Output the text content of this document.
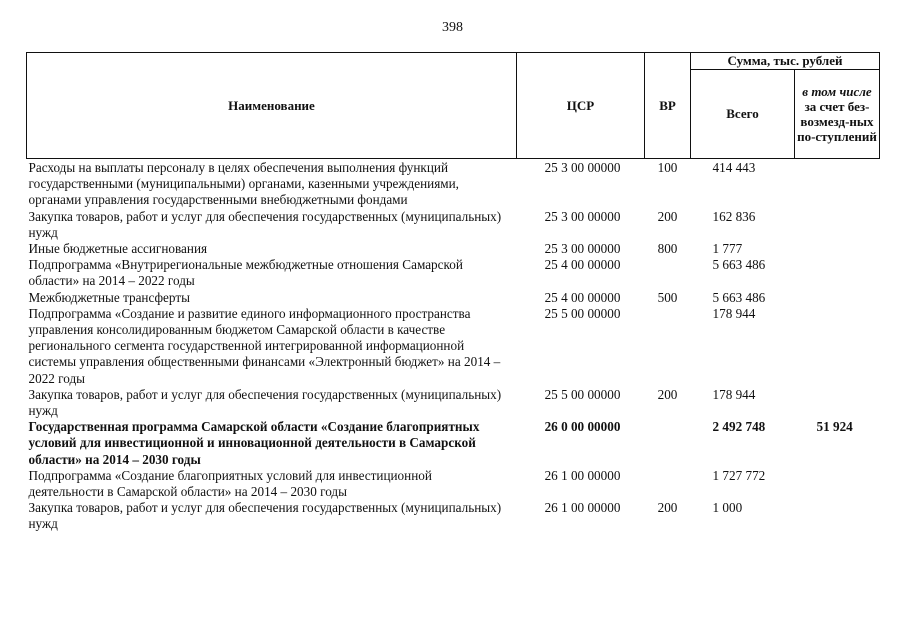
398
Наименование	ЦСР	ВР	Сумма, тыс. рублей	
			Всего	в том числе
за счет без-возмезд-ных по-ступлений
Расходы на выплаты персоналу в целях обеспечения выполнения функций государственными (муниципальными) органами, казенными учреждениями, органами управления государственными внебюджетными фондами	25 3 00 00000	100	414 443	
Закупка товаров, работ и услуг для обеспечения государственных (муниципальных) нужд	25 3 00 00000	200	162 836	
Иные бюджетные ассигнования	25 3 00 00000	800	1 777	
Подпрограмма «Внутрирегиональные межбюджетные отношения Самарской области» на 2014 – 2022 годы	25 4 00 00000		5 663 486	
Межбюджетные трансферты	25 4 00 00000	500	5 663 486	
Подпрограмма «Создание и развитие единого информационного пространства управления консолидированным бюджетом Самарской области в качестве регионального сегмента государственной интегрированной информационной системы управления общественными финансами «Электронный бюджет» на 2014 – 2022 годы	25 5 00 00000		178 944	
Закупка товаров, работ и услуг для обеспечения государственных (муниципальных) нужд	25 5 00 00000	200	178 944	
Государственная программа Самарской области «Создание благоприятных условий для инвестиционной и инновационной деятельности в Самарской области» на 2014 – 2030 годы	26 0 00 00000		2 492 748	51 924
Подпрограмма «Создание благоприятных условий для инвестиционной деятельности в Самарской области» на 2014 – 2030 годы	26 1 00 00000		1 727 772	
Закупка товаров, работ и услуг для обеспечения государственных (муниципальных) нужд	26 1 00 00000	200	1 000	
